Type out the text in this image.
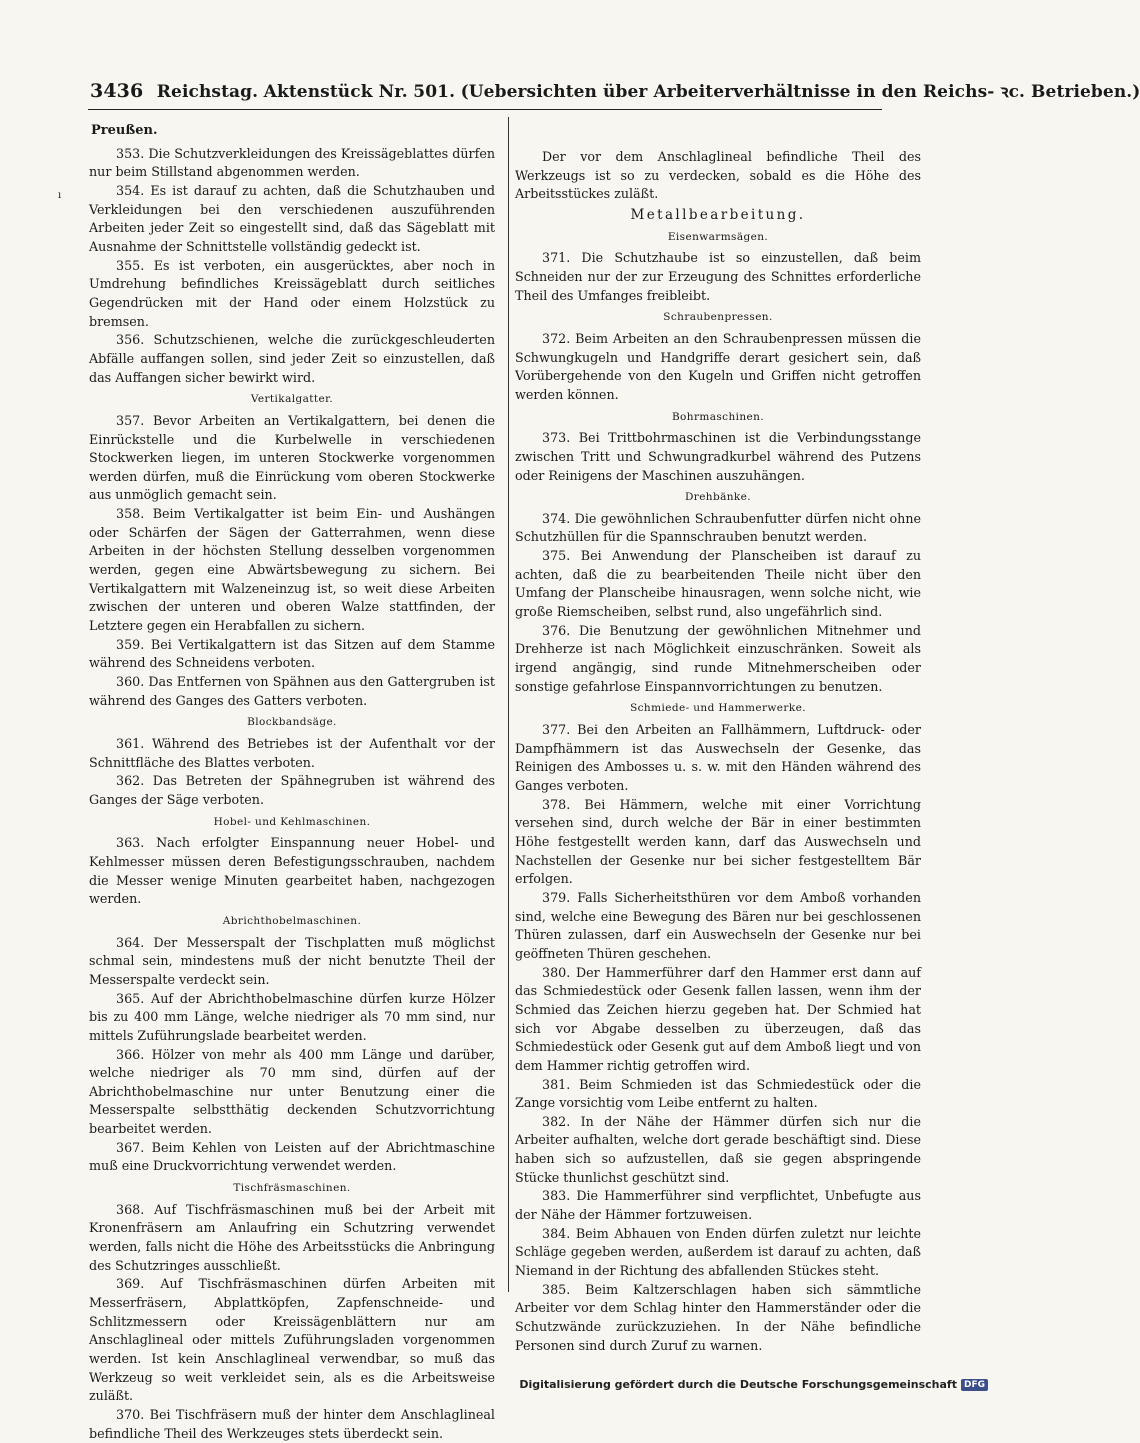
3436 Reichstag. Aktenstück Nr. 501. (Uebersichten über Arbeiterverhältnisse in den Reichs- ꝛc. Betrieben.)
ı
Preußen.

353. Die Schutzverkleidungen des Kreissägeblattes dürfen nur beim Stillstand abgenommen werden.

354. Es ist darauf zu achten, daß die Schutzhauben und Verkleidungen bei den verschiedenen auszuführenden Arbeiten jeder Zeit so eingestellt sind, daß das Sägeblatt mit Ausnahme der Schnittstelle vollständig gedeckt ist.

355. Es ist verboten, ein ausgerücktes, aber noch in Umdrehung befindliches Kreissägeblatt durch seitliches Gegendrücken mit der Hand oder einem Holzstück zu bremsen.

356. Schutzschienen, welche die zurückgeschleuderten Abfälle auffangen sollen, sind jeder Zeit so einzustellen, daß das Auffangen sicher bewirkt wird.

Vertikalgatter.

357. Bevor Arbeiten an Vertikalgattern, bei denen die Einrückstelle und die Kurbelwelle in verschiedenen Stockwerken liegen, im unteren Stockwerke vorgenommen werden dürfen, muß die Einrückung vom oberen Stockwerke aus unmöglich gemacht sein.

358. Beim Vertikalgatter ist beim Ein- und Aushängen oder Schärfen der Sägen der Gatterrahmen, wenn diese Arbeiten in der höchsten Stellung desselben vorgenommen werden, gegen eine Abwärtsbewegung zu sichern. Bei Vertikalgattern mit Walzeneinzug ist, so weit diese Arbeiten zwischen der unteren und oberen Walze stattfinden, der Letztere gegen ein Herabfallen zu sichern.

359. Bei Vertikalgattern ist das Sitzen auf dem Stamme während des Schneidens verboten.

360. Das Entfernen von Spähnen aus den Gattergruben ist während des Ganges des Gatters verboten.

Blockbandsäge.

361. Während des Betriebes ist der Aufenthalt vor der Schnittfläche des Blattes verboten.

362. Das Betreten der Spähnegruben ist während des Ganges der Säge verboten.

Hobel- und Kehlmaschinen.

363. Nach erfolgter Einspannung neuer Hobel- und Kehlmesser müssen deren Befestigungsschrauben, nachdem die Messer wenige Minuten gearbeitet haben, nachgezogen werden.

Abrichthobelmaschinen.

364. Der Messerspalt der Tischplatten muß möglichst schmal sein, mindestens muß der nicht benutzte Theil der Messerspalte verdeckt sein.

365. Auf der Abrichthobelmaschine dürfen kurze Hölzer bis zu 400 mm Länge, welche niedriger als 70 mm sind, nur mittels Zuführungslade bearbeitet werden.

366. Hölzer von mehr als 400 mm Länge und darüber, welche niedriger als 70 mm sind, dürfen auf der Abrichthobelmaschine nur unter Benutzung einer die Messerspalte selbstthätig deckenden Schutzvorrichtung bearbeitet werden.

367. Beim Kehlen von Leisten auf der Abrichtmaschine muß eine Druckvorrichtung verwendet werden.

Tischfräsmaschinen.

368. Auf Tischfräsmaschinen muß bei der Arbeit mit Kronenfräsern am Anlaufring ein Schutzring verwendet werden, falls nicht die Höhe des Arbeitsstücks die Anbringung des Schutzringes ausschließt.

369. Auf Tischfräsmaschinen dürfen Arbeiten mit Messerfräsern, Abplattköpfen, Zapfenschneide- und Schlitzmessern oder Kreissägenblättern nur am Anschlaglineal oder mittels Zuführungsladen vorgenommen werden. Ist kein Anschlaglineal verwendbar, so muß das Werkzeug so weit verkleidet sein, als es die Arbeitsweise zuläßt.

370. Bei Tischfräsern muß der hinter dem Anschlaglineal befindliche Theil des Werkzeuges stets überdeckt sein.

Der vor dem Anschlaglineal befindliche Theil des Werkzeugs ist so zu verdecken, sobald es die Höhe des Arbeitsstückes zuläßt.

Metallbearbeitung.
Eisenwarmsägen.

371. Die Schutzhaube ist so einzustellen, daß beim Schneiden nur der zur Erzeugung des Schnittes erforderliche Theil des Umfanges freibleibt.

Schraubenpressen.

372. Beim Arbeiten an den Schraubenpressen müssen die Schwungkugeln und Handgriffe derart gesichert sein, daß Vorübergehende von den Kugeln und Griffen nicht getroffen werden können.

Bohrmaschinen.

373. Bei Trittbohrmaschinen ist die Verbindungsstange zwischen Tritt und Schwungradkurbel während des Putzens oder Reinigens der Maschinen auszuhängen.

Drehbänke.

374. Die gewöhnlichen Schraubenfutter dürfen nicht ohne Schutzhüllen für die Spannschrauben benutzt werden.

375. Bei Anwendung der Planscheiben ist darauf zu achten, daß die zu bearbeitenden Theile nicht über den Umfang der Planscheibe hinausragen, wenn solche nicht, wie große Riemscheiben, selbst rund, also ungefährlich sind.

376. Die Benutzung der gewöhnlichen Mitnehmer und Drehherze ist nach Möglichkeit einzuschränken. Soweit als irgend angängig, sind runde Mitnehmerscheiben oder sonstige gefahrlose Einspannvorrichtungen zu benutzen.

Schmiede- und Hammerwerke.

377. Bei den Arbeiten an Fallhämmern, Luftdruck- oder Dampfhämmern ist das Auswechseln der Gesenke, das Reinigen des Ambosses u. s. w. mit den Händen während des Ganges verboten.

378. Bei Hämmern, welche mit einer Vorrichtung versehen sind, durch welche der Bär in einer bestimmten Höhe festgestellt werden kann, darf das Auswechseln und Nachstellen der Gesenke nur bei sicher festgestelltem Bär erfolgen.

379. Falls Sicherheitsthüren vor dem Amboß vorhanden sind, welche eine Bewegung des Bären nur bei geschlossenen Thüren zulassen, darf ein Auswechseln der Gesenke nur bei geöffneten Thüren geschehen.

380. Der Hammerführer darf den Hammer erst dann auf das Schmiedestück oder Gesenk fallen lassen, wenn ihm der Schmied das Zeichen hierzu gegeben hat. Der Schmied hat sich vor Abgabe desselben zu überzeugen, daß das Schmiedestück oder Gesenk gut auf dem Amboß liegt und von dem Hammer richtig getroffen wird.

381. Beim Schmieden ist das Schmiedestück oder die Zange vorsichtig vom Leibe entfernt zu halten.

382. In der Nähe der Hämmer dürfen sich nur die Arbeiter aufhalten, welche dort gerade beschäftigt sind. Diese haben sich so aufzustellen, daß sie gegen abspringende Stücke thunlichst geschützt sind.

383. Die Hammerführer sind verpflichtet, Unbefugte aus der Nähe der Hämmer fortzuweisen.

384. Beim Abhauen von Enden dürfen zuletzt nur leichte Schläge gegeben werden, außerdem ist darauf zu achten, daß Niemand in der Richtung des abfallenden Stückes steht.

385. Beim Kaltzerschlagen haben sich sämmtliche Arbeiter vor dem Schlag hinter den Hammerständer oder die Schutzwände zurückzuziehen. In der Nähe befindliche Personen sind durch Zuruf zu warnen.

Digitalisierung gefördert durch die Deutsche Forschungsgemeinschaft DFG
